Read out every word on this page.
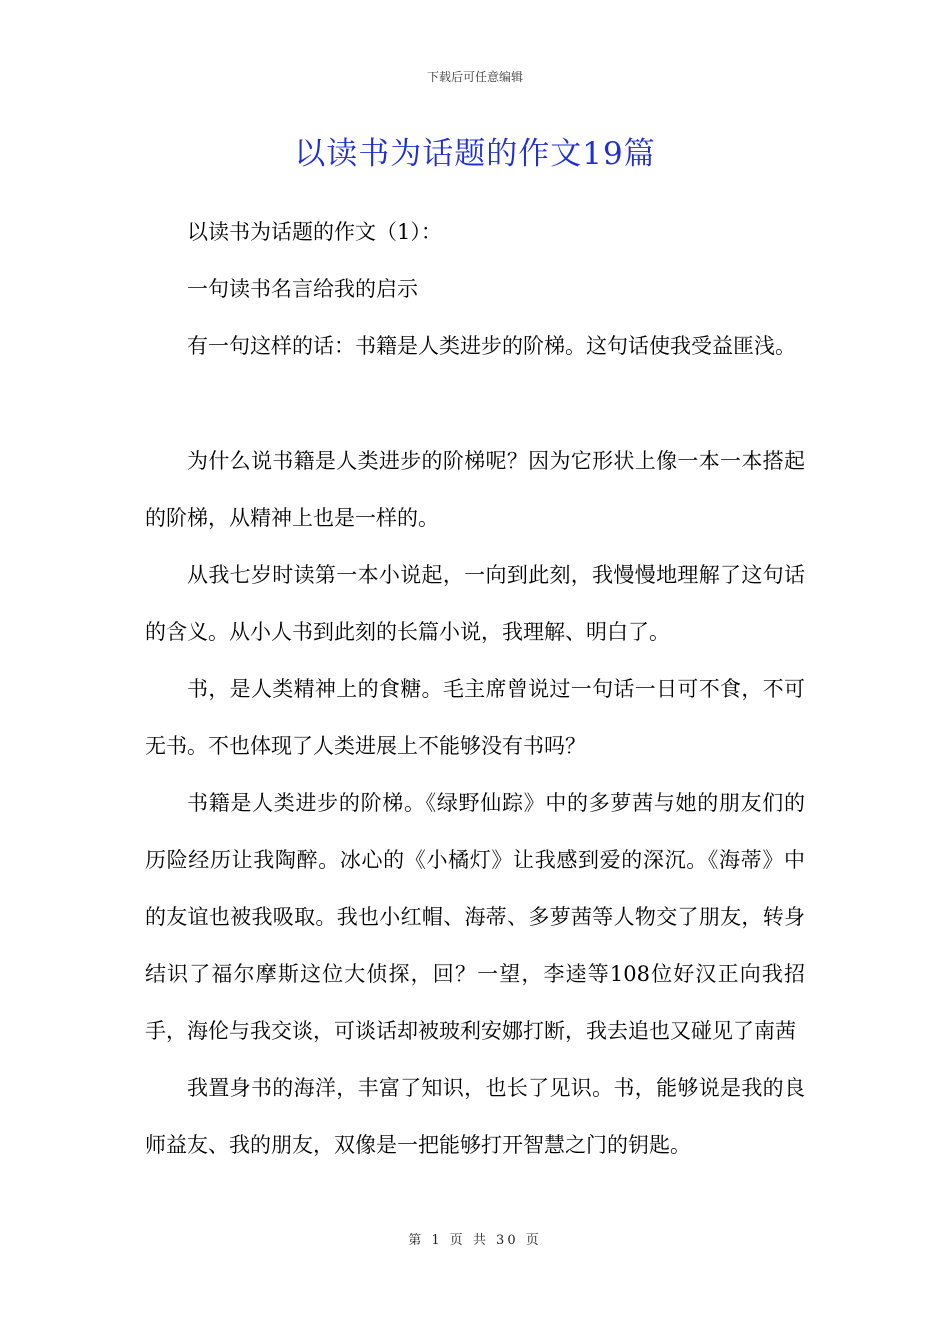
下载后可任意编辑
以读书为话题的作文19篇

以读书为话题的作文（1）：

一句读书名言给我的启示

有一句这样的话：书籍是人类进步的阶梯。这句话使我受益匪浅。

为什么说书籍是人类进步的阶梯呢？因为它形状上像一本一本搭起的阶梯，从精神上也是一样的。

从我七岁时读第一本小说起，一向到此刻，我慢慢地理解了这句话的含义。从小人书到此刻的长篇小说，我理解、明白了。

书，是人类精神上的食糖。毛主席曾说过一句话一日可不食，不可无书。不也体现了人类进展上不能够没有书吗？

书籍是人类进步的阶梯。《绿野仙踪》中的多萝茜与她的朋友们的历险经历让我陶醉。冰心的《小橘灯》让我感到爱的深沉。《海蒂》中的友谊也被我吸取。我也小红帽、海蒂、多萝茜等人物交了朋友，转身结识了福尔摩斯这位大侦探，回？一望，李逵等108位好汉正向我招手，海伦与我交谈，可谈话却被玻利安娜打断，我去追也又碰见了南茜

我置身书的海洋，丰富了知识，也长了见识。书，能够说是我的良师益友、我的朋友，双像是一把能够打开智慧之门的钥匙。

第 1 页 共 30 页
